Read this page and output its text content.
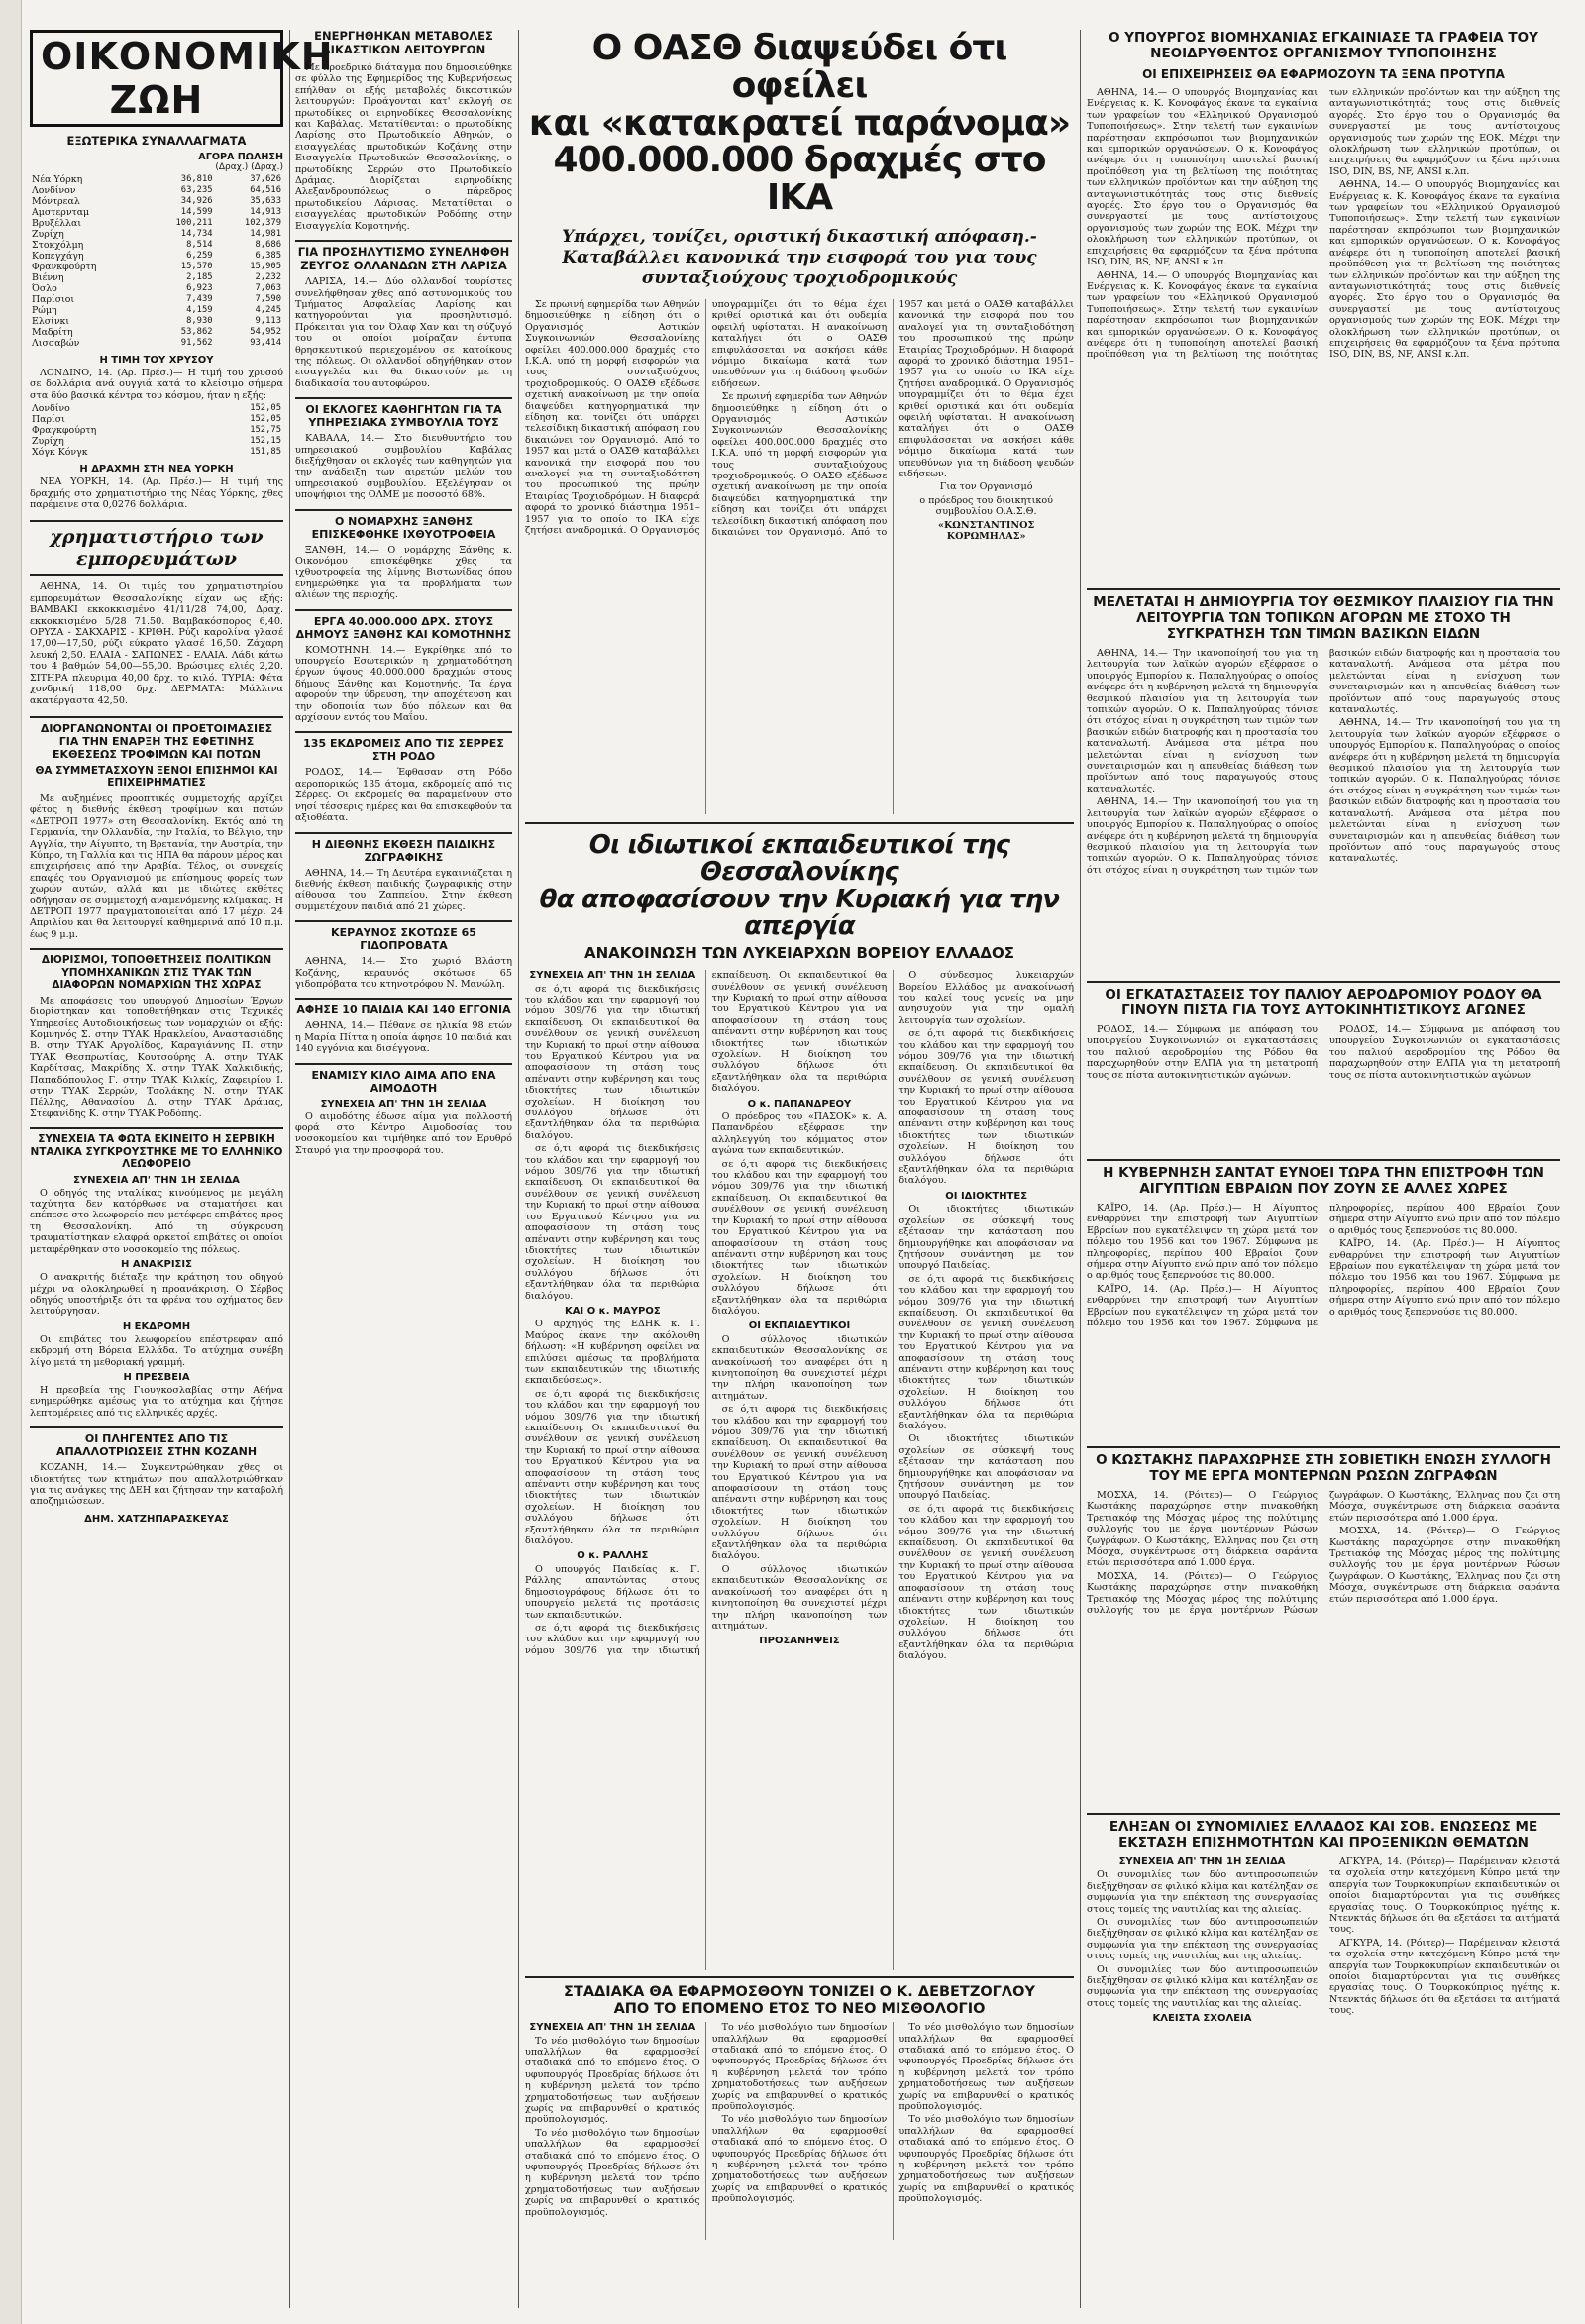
ΟΙΚΟΝΟΜΙΚΗ ΖΩΗ
ΕΞΩΤΕΡΙΚΑ ΣΥΝΑΛΛΑΓΜΑΤΑ
ΑΓΟΡΑ ΠΩΛΗΣΗ
(Δραχ.) (Δραχ.)
Νέα Υόρκη	36,810	37,626
Λονδίνον	63,235	64,516
Μόντρεαλ	34,926	35,633
Αμστερνταμ	14,599	14,913
Βρυξέλλαι	100,211	102,379
Ζυρίχη	14,734	14,981
Στοκχόλμη	8,514	8,686
Κοπεγχάγη	6,259	6,385
Φρανκφούρτη	15,570	15,905
Βιέννη	2,185	2,232
Όσλο	6,923	7,063
Παρίσιοι	7,439	7,590
Ρώμη	4,159	4,245
Ελσίνκι	8,930	9,113
Μαδρίτη	53,862	54,952
Λισσαβών	91,562	93,414
Η ΤΙΜΗ ΤΟΥ ΧΡΥΣΟΥ

ΛΟΝΔΙΝΟ, 14. (Αρ. Πρέσ.)— Η τιμή του χρυσού σε δολλάρια ανά ουγγιά κατά το κλείσιμο σήμερα στα δύο βασικά κέντρα του κόσμου, ήταν η εξής:

Λονδίνο	152,05
Παρίσι	152,05
Φραγκφούρτη	152,75
Ζυρίχη	152,15
Χόγκ Κόνγκ	151,85
Η ΔΡΑΧΜΗ ΣΤΗ ΝΕΑ ΥΟΡΚΗ

ΝΕΑ ΥΟΡΚΗ, 14. (Αρ. Πρέσ.)— Η τιμή της δραχμής στο χρηματιστήριο της Νέας Υόρκης, χθες παρέμεινε στα 0,0276 δολλάρια.

χρηματιστήριο των εμπορευμάτων

ΑΘΗΝΑ, 14. Οι τιμές του χρηματιστηρίου εμπορευμάτων Θεσσαλονίκης είχαν ως εξής: ΒΑΜΒΑΚΙ εκκοκκισμένο 41/11/28 74,00, Δραχ. εκκοκκισμένο 5/28 71.50. Βαμβακόσπορος 6,40. ΟΡΥΖΑ - ΣΑΚΧΑΡΙΣ - ΚΡΙΘΗ. Ρύζι καρολίνα γλασέ 17,00—17,50, ρύζι εύκρατο γλασέ 16,50. Ζάχαρη λευκή 2,50. ΕΛΑΙΑ - ΣΑΠΩΝΕΣ - ΕΛΑΙΑ. Λάδι κάτω του 4 βαθμών 54,00—55,00. Βρώσιμες ελιές 2,20. ΣΙΤΗΡΑ πλευριμα 40,00 δρχ. το κιλό. ΤΥΡΙΑ: Φέτα χονδρική 118,00 δρχ. ΔΕΡΜΑΤΑ: Μάλλινα ακατέργαστα 42,50.

ΔΙΟΡΓΑΝΩΝΟΝΤΑΙ ΟΙ ΠΡΟΕΤΟΙΜΑΣΙΕΣ ΓΙΑ ΤΗΝ ΕΝΑΡΞΗ ΤΗΣ ΕΦΕΤΙΝΗΣ ΕΚΘΕΣΕΩΣ ΤΡΟΦΙΜΩΝ ΚΑΙ ΠΟΤΩΝ
ΘΑ ΣΥΜΜΕΤΑΣΧΟΥΝ ΞΕΝΟΙ ΕΠΙΣΗΜΟΙ ΚΑΙ ΕΠΙΧΕΙΡΗΜΑΤΙΕΣ

Με αυξημένες προοπτικές συμμετοχής αρχίζει φέτος η διεθνής έκθεση τροφίμων και ποτών «ΔΕΤΡΟΠ 1977» στη Θεσσαλονίκη. Εκτός από τη Γερμανία, την Ολλανδία, την Ιταλία, το Βέλγιο, την Αγγλία, την Αίγυπτο, τη Βρετανία, την Αυστρία, την Κύπρο, τη Γαλλία και τις ΗΠΑ θα πάρουν μέρος και επιχειρήσεις από την Αραβία. Τέλος, οι συνεχείς επαφές του Οργανισμού με επίσημους φορείς των χωρών αυτών, αλλά και με ιδιώτες εκθέτες οδήγησαν σε συμμετοχή αναμενόμενης κλίμακας. Η ΔΕΤΡΟΠ 1977 πραγματοποιείται από 17 μέχρι 24 Απριλίου και θα λειτουργεί καθημερινά από 10 π.μ. έως 9 μ.μ.

ΔΙΟΡΙΣΜΟΙ, ΤΟΠΟΘΕΤΗΣΕΙΣ ΠΟΛΙΤΙΚΩΝ ΥΠΟΜΗΧΑΝΙΚΩΝ ΣΤΙΣ ΤΥΑΚ ΤΩΝ ΔΙΑΦΟΡΩΝ ΝΟΜΑΡΧΙΩΝ ΤΗΣ ΧΩΡΑΣ

Με αποφάσεις του υπουργού Δημοσίων Έργων διορίστηκαν και τοποθετήθηκαν στις Τεχνικές Υπηρεσίες Αυτοδιοικήσεως των νομαρχιών οι εξής: Κομνηνός Σ. στην ΤΥΑΚ Ηρακλείου, Αναστασιάδης Β. στην ΤΥΑΚ Αργολίδος, Καραγιάννης Π. στην ΤΥΑΚ Θεσπρωτίας, Κουτσούρης Α. στην ΤΥΑΚ Καρδίτσας, Μακρίδης Χ. στην ΤΥΑΚ Χαλκιδικής, Παπαδόπουλος Γ. στην ΤΥΑΚ Κιλκίς, Ζαφειρίου Ι. στην ΤΥΑΚ Σερρών, Τσολάκης Ν. στην ΤΥΑΚ Πέλλης, Αθανασίου Δ. στην ΤΥΑΚ Δράμας, Στεφανίδης Κ. στην ΤΥΑΚ Ροδόπης.

ΣΥΝΕΧΕΙΑ ΤΑ ΦΩΤΑ ΕΚΙΝΕΙΤΟ Η ΣΕΡΒΙΚΗ ΝΤΑΛΙΚΑ ΣΥΓΚΡΟΥΣΤΗΚΕ ΜΕ ΤΟ ΕΛΛΗΝΙΚΟ ΛΕΩΦΟΡΕΙΟ
ΣΥΝΕΧΕΙΑ ΑΠ' ΤΗΝ 1Η ΣΕΛΙΔΑ

Ο οδηγός της νταλίκας κινούμενος με μεγάλη ταχύτητα δεν κατόρθωσε να σταματήσει και επέπεσε στο λεωφορείο που μετέφερε επιβάτες προς τη Θεσσαλονίκη. Από τη σύγκρουση τραυματίστηκαν ελαφρά αρκετοί επιβάτες οι οποίοι μεταφέρθηκαν στο νοσοκομείο της πόλεως.

Η ΑΝΑΚΡΙΣΙΣ

Ο ανακριτής διέταξε την κράτηση του οδηγού μέχρι να ολοκληρωθεί η προανάκριση. Ο Σέρβος οδηγός υποστήριξε ότι τα φρένα του οχήματος δεν λειτούργησαν.

Η ΕΚΔΡΟΜΗ

Οι επιβάτες του λεωφορείου επέστρεφαν από εκδρομή στη Βόρεια Ελλάδα. Το ατύχημα συνέβη λίγο μετά τη μεθοριακή γραμμή.

Η ΠΡΕΣΒΕΙΑ

Η πρεσβεία της Γιουγκοσλαβίας στην Αθήνα ενημερώθηκε αμέσως για το ατύχημα και ζήτησε λεπτομέρειες από τις ελληνικές αρχές.

ΟΙ ΠΛΗΓΕΝΤΕΣ ΑΠΟ ΤΙΣ ΑΠΑΛΛΟΤΡΙΩΣΕΙΣ ΣΤΗΝ ΚΟΖΑΝΗ

ΚΟΖΑΝΗ, 14.— Συγκεντρώθηκαν χθες οι ιδιοκτήτες των κτημάτων που απαλλοτριώθηκαν για τις ανάγκες της ΔΕΗ και ζήτησαν την καταβολή αποζημιώσεων.

ΔΗΜ. ΧΑΤΖΗΠΑΡΑΣΚΕΥΑΣ
ΕΝΕΡΓΗΘΗΚΑΝ ΜΕΤΑΒΟΛΕΣ ΔΙΚΑΣΤΙΚΩΝ ΛΕΙΤΟΥΡΓΩΝ

Με προεδρικό διάταγμα που δημοσιεύθηκε σε φύλλο της Εφημερίδος της Κυβερνήσεως επήλθαν οι εξής μεταβολές δικαστικών λειτουργών: Προάγονται κατ' εκλογή σε πρωτοδίκες οι ειρηνοδίκες Θεσσαλονίκης και Καβάλας. Μετατίθενται: ο πρωτοδίκης Λαρίσης στο Πρωτοδικείο Αθηνών, ο εισαγγελέας πρωτοδικών Κοζάνης στην Εισαγγελία Πρωτοδικών Θεσσαλονίκης, ο πρωτοδίκης Σερρών στο Πρωτοδικείο Δράμας. Διορίζεται ειρηνοδίκης Αλεξανδρουπόλεως ο πάρεδρος πρωτοδικείου Λάρισας. Μετατίθεται ο εισαγγελέας πρωτοδικών Ροδόπης στην Εισαγγελία Κομοτηνής.

ΓΙΑ ΠΡΟΣΗΛΥΤΙΣΜΟ ΣΥΝΕΛΗΦΘΗ ΖΕΥΓΟΣ ΟΛΛΑΝΔΩΝ ΣΤΗ ΛΑΡΙΣΑ

ΛΑΡΙΣΑ, 14.— Δύο ολλανδοί τουρίστες συνελήφθησαν χθες από αστυνομικούς του Τμήματος Ασφαλείας Λαρίσης και κατηγορούνται για προσηλυτισμό. Πρόκειται για τον Όλαφ Χαν και τη σύζυγό του οι οποίοι μοίραζαν έντυπα θρησκευτικού περιεχομένου σε κατοίκους της πόλεως. Οι ολλανδοί οδηγήθηκαν στον εισαγγελέα και θα δικαστούν με τη διαδικασία του αυτοφώρου.

ΟΙ ΕΚΛΟΓΕΣ ΚΑΘΗΓΗΤΩΝ ΓΙΑ ΤΑ ΥΠΗΡΕΣΙΑΚΑ ΣΥΜΒΟΥΛΙΑ ΤΟΥΣ

ΚΑΒΑΛΑ, 14.— Στο διευθυντήριο του υπηρεσιακού συμβουλίου Καβάλας διεξήχθησαν οι εκλογές των καθηγητών για την ανάδειξη των αιρετών μελών του υπηρεσιακού συμβουλίου. Εξελέγησαν οι υποψήφιοι της ΟΛΜΕ με ποσοστό 68%.

Ο ΝΟΜΑΡΧΗΣ ΞΑΝΘΗΣ ΕΠΙΣΚΕΦΘΗΚΕ ΙΧΘΥΟΤΡΟΦΕΙΑ

ΞΑΝΘΗ, 14.— Ο νομάρχης Ξάνθης κ. Οικονόμου επισκέφθηκε χθες τα ιχθυοτροφεία της λίμνης Βιστωνίδας όπου ενημερώθηκε για τα προβλήματα των αλιέων της περιοχής.

ΕΡΓΑ 40.000.000 ΔΡΧ. ΣΤΟΥΣ ΔΗΜΟΥΣ ΞΑΝΘΗΣ ΚΑΙ ΚΟΜΟΤΗΝΗΣ

ΚΟΜΟΤΗΝΗ, 14.— Εγκρίθηκε από το υπουργείο Εσωτερικών η χρηματοδότηση έργων ύψους 40.000.000 δραχμών στους δήμους Ξάνθης και Κομοτηνής. Τα έργα αφορούν την ύδρευση, την αποχέτευση και την οδοποιία των δύο πόλεων και θα αρχίσουν εντός του Μαΐου.

135 ΕΚΔΡΟΜΕΙΣ ΑΠΟ ΤΙΣ ΣΕΡΡΕΣ ΣΤΗ ΡΟΔΟ

ΡΟΔΟΣ, 14.— Έφθασαν στη Ρόδο αεροπορικώς 135 άτομα, εκδρομείς από τις Σέρρες. Οι εκδρομείς θα παραμείνουν στο νησί τέσσερις ημέρες και θα επισκεφθούν τα αξιοθέατα.

Η ΔΙΕΘΝΗΣ ΕΚΘΕΣΗ ΠΑΙΔΙΚΗΣ ΖΩΓΡΑΦΙΚΗΣ

ΑΘΗΝΑ, 14.— Τη Δευτέρα εγκαινιάζεται η διεθνής έκθεση παιδικής ζωγραφικής στην αίθουσα του Ζαππείου. Στην έκθεση συμμετέχουν παιδιά από 21 χώρες.

ΚΕΡΑΥΝΟΣ ΣΚΟΤΩΣΕ 65 ΓΙΔΟΠΡΟΒΑΤΑ

ΑΘΗΝΑ, 14.— Στο χωριό Βλάστη Κοζάνης, κεραυνός σκότωσε 65 γιδοπρόβατα του κτηνοτρόφου Ν. Μανώλη.

ΑΦΗΣΕ 10 ΠΑΙΔΙΑ ΚΑΙ 140 ΕΓΓΟΝΙΑ

ΑΘΗΝΑ, 14.— Πέθανε σε ηλικία 98 ετών η Μαρία Πίττα η οποία άφησε 10 παιδιά και 140 εγγόνια και δισέγγονα.

ΕΝΑΜΙΣΥ ΚΙΛΟ ΑΙΜΑ ΑΠΟ ΕΝΑ ΑΙΜΟΔΟΤΗ
ΣΥΝΕΧΕΙΑ ΑΠ' ΤΗΝ 1Η ΣΕΛΙΔΑ

Ο αιμοδότης έδωσε αίμα για πολλοστή φορά στο Κέντρο Αιμοδοσίας του νοσοκομείου και τιμήθηκε από τον Ερυθρό Σταυρό για την προσφορά του.

Ο ΟΑΣΘ διαψεύδει ότι οφείλει
και «κατακρατεί παράνομα»
400.000.000 δραχμές στο ΙΚΑ
Υπάρχει, τονίζει, οριστική δικαστική απόφαση.- Καταβάλλει κανονικά την εισφορά του για τους συνταξιούχους τροχιοδρομικούς

Σε πρωινή εφημερίδα των Αθηνών δημοσιεύθηκε η είδηση ότι ο Οργανισμός Αστικών Συγκοινωνιών Θεσσαλονίκης οφείλει 400.000.000 δραχμές στο Ι.Κ.Α. υπό τη μορφή εισφορών για τους συνταξιούχους τροχιοδρομικούς. Ο ΟΑΣΘ εξέδωσε σχετική ανακοίνωση με την οποία διαψεύδει κατηγορηματικά την είδηση και τονίζει ότι υπάρχει τελεσίδικη δικαστική απόφαση που δικαιώνει τον Οργανισμό. Από το 1957 και μετά ο ΟΑΣΘ καταβάλλει κανονικά την εισφορά που του αναλογεί για τη συνταξιοδότηση του προσωπικού της πρώην Εταιρίας Τροχιοδρόμων. Η διαφορά αφορά το χρονικό διάστημα 1951–1957 για το οποίο το ΙΚΑ είχε ζητήσει αναδρομικά. Ο Οργανισμός υπογραμμίζει ότι το θέμα έχει κριθεί οριστικά και ότι ουδεμία οφειλή υφίσταται. Η ανακοίνωση καταλήγει ότι ο ΟΑΣΘ επιφυλάσσεται να ασκήσει κάθε νόμιμο δικαίωμα κατά των υπευθύνων για τη διάδοση ψευδών ειδήσεων.

Σε πρωινή εφημερίδα των Αθηνών δημοσιεύθηκε η είδηση ότι ο Οργανισμός Αστικών Συγκοινωνιών Θεσσαλονίκης οφείλει 400.000.000 δραχμές στο Ι.Κ.Α. υπό τη μορφή εισφορών για τους συνταξιούχους τροχιοδρομικούς. Ο ΟΑΣΘ εξέδωσε σχετική ανακοίνωση με την οποία διαψεύδει κατηγορηματικά την είδηση και τονίζει ότι υπάρχει τελεσίδικη δικαστική απόφαση που δικαιώνει τον Οργανισμό. Από το 1957 και μετά ο ΟΑΣΘ καταβάλλει κανονικά την εισφορά που του αναλογεί για τη συνταξιοδότηση του προσωπικού της πρώην Εταιρίας Τροχιοδρόμων. Η διαφορά αφορά το χρονικό διάστημα 1951–1957 για το οποίο το ΙΚΑ είχε ζητήσει αναδρομικά. Ο Οργανισμός υπογραμμίζει ότι το θέμα έχει κριθεί οριστικά και ότι ουδεμία οφειλή υφίσταται. Η ανακοίνωση καταλήγει ότι ο ΟΑΣΘ επιφυλάσσεται να ασκήσει κάθε νόμιμο δικαίωμα κατά των υπευθύνων για τη διάδοση ψευδών ειδήσεων.

Για τον Οργανισμό

ο πρόεδρος του διοικητικού συμβουλίου Ο.Α.Σ.Θ.

«ΚΩΝΣΤΑΝΤΙΝΟΣ ΚΟΡΩΜΗΛΑΣ»

Οι ιδιωτικοί εκπαιδευτικοί της Θεσσαλονίκης
θα αποφασίσουν την Κυριακή για την απεργία
ΑΝΑΚΟΙΝΩΣΗ ΤΩΝ ΛΥΚΕΙΑΡΧΩΝ ΒΟΡΕΙΟΥ ΕΛΛΑΔΟΣ
ΣΥΝΕΧΕΙΑ ΑΠ' ΤΗΝ 1Η ΣΕΛΙΔΑ

σε ό,τι αφορά τις διεκδικήσεις του κλάδου και την εφαρμογή του νόμου 309/76 για την ιδιωτική εκπαίδευση. Οι εκπαιδευτικοί θα συνέλθουν σε γενική συνέλευση την Κυριακή το πρωί στην αίθουσα του Εργατικού Κέντρου για να αποφασίσουν τη στάση τους απέναντι στην κυβέρνηση και τους ιδιοκτήτες των ιδιωτικών σχολείων. Η διοίκηση του συλλόγου δήλωσε ότι εξαντλήθηκαν όλα τα περιθώρια διαλόγου.

σε ό,τι αφορά τις διεκδικήσεις του κλάδου και την εφαρμογή του νόμου 309/76 για την ιδιωτική εκπαίδευση. Οι εκπαιδευτικοί θα συνέλθουν σε γενική συνέλευση την Κυριακή το πρωί στην αίθουσα του Εργατικού Κέντρου για να αποφασίσουν τη στάση τους απέναντι στην κυβέρνηση και τους ιδιοκτήτες των ιδιωτικών σχολείων. Η διοίκηση του συλλόγου δήλωσε ότι εξαντλήθηκαν όλα τα περιθώρια διαλόγου.

ΚΑΙ Ο κ. ΜΑΥΡΟΣ

Ο αρχηγός της ΕΔΗΚ κ. Γ. Μαύρος έκανε την ακόλουθη δήλωση: «Η κυβέρνηση οφείλει να επιλύσει αμέσως τα προβλήματα των εκπαιδευτικών της ιδιωτικής εκπαιδεύσεως».

σε ό,τι αφορά τις διεκδικήσεις του κλάδου και την εφαρμογή του νόμου 309/76 για την ιδιωτική εκπαίδευση. Οι εκπαιδευτικοί θα συνέλθουν σε γενική συνέλευση την Κυριακή το πρωί στην αίθουσα του Εργατικού Κέντρου για να αποφασίσουν τη στάση τους απέναντι στην κυβέρνηση και τους ιδιοκτήτες των ιδιωτικών σχολείων. Η διοίκηση του συλλόγου δήλωσε ότι εξαντλήθηκαν όλα τα περιθώρια διαλόγου.

Ο κ. ΡΑΛΛΗΣ

Ο υπουργός Παιδείας κ. Γ. Ράλλης απαντώντας στους δημοσιογράφους δήλωσε ότι το υπουργείο μελετά τις προτάσεις των εκπαιδευτικών.

σε ό,τι αφορά τις διεκδικήσεις του κλάδου και την εφαρμογή του νόμου 309/76 για την ιδιωτική εκπαίδευση. Οι εκπαιδευτικοί θα συνέλθουν σε γενική συνέλευση την Κυριακή το πρωί στην αίθουσα του Εργατικού Κέντρου για να αποφασίσουν τη στάση τους απέναντι στην κυβέρνηση και τους ιδιοκτήτες των ιδιωτικών σχολείων. Η διοίκηση του συλλόγου δήλωσε ότι εξαντλήθηκαν όλα τα περιθώρια διαλόγου.

Ο κ. ΠΑΠΑΝΔΡΕΟΥ

Ο πρόεδρος του «ΠΑΣΟΚ» κ. Α. Παπανδρέου εξέφρασε την αλληλεγγύη του κόμματος στον αγώνα των εκπαιδευτικών.

σε ό,τι αφορά τις διεκδικήσεις του κλάδου και την εφαρμογή του νόμου 309/76 για την ιδιωτική εκπαίδευση. Οι εκπαιδευτικοί θα συνέλθουν σε γενική συνέλευση την Κυριακή το πρωί στην αίθουσα του Εργατικού Κέντρου για να αποφασίσουν τη στάση τους απέναντι στην κυβέρνηση και τους ιδιοκτήτες των ιδιωτικών σχολείων. Η διοίκηση του συλλόγου δήλωσε ότι εξαντλήθηκαν όλα τα περιθώρια διαλόγου.

ΟΙ ΕΚΠΑΙΔΕΥΤΙΚΟΙ

Ο σύλλογος ιδιωτικών εκπαιδευτικών Θεσσαλονίκης σε ανακοίνωσή του αναφέρει ότι η κινητοποίηση θα συνεχιστεί μέχρι την πλήρη ικανοποίηση των αιτημάτων.

σε ό,τι αφορά τις διεκδικήσεις του κλάδου και την εφαρμογή του νόμου 309/76 για την ιδιωτική εκπαίδευση. Οι εκπαιδευτικοί θα συνέλθουν σε γενική συνέλευση την Κυριακή το πρωί στην αίθουσα του Εργατικού Κέντρου για να αποφασίσουν τη στάση τους απέναντι στην κυβέρνηση και τους ιδιοκτήτες των ιδιωτικών σχολείων. Η διοίκηση του συλλόγου δήλωσε ότι εξαντλήθηκαν όλα τα περιθώρια διαλόγου.

Ο σύλλογος ιδιωτικών εκπαιδευτικών Θεσσαλονίκης σε ανακοίνωσή του αναφέρει ότι η κινητοποίηση θα συνεχιστεί μέχρι την πλήρη ικανοποίηση των αιτημάτων.

ΠΡΟΣΑΝΗΨΕΙΣ

Ο σύνδεσμος λυκειαρχών Βορείου Ελλάδος με ανακοίνωσή του καλεί τους γονείς να μην ανησυχούν για την ομαλή λειτουργία των σχολείων.

σε ό,τι αφορά τις διεκδικήσεις του κλάδου και την εφαρμογή του νόμου 309/76 για την ιδιωτική εκπαίδευση. Οι εκπαιδευτικοί θα συνέλθουν σε γενική συνέλευση την Κυριακή το πρωί στην αίθουσα του Εργατικού Κέντρου για να αποφασίσουν τη στάση τους απέναντι στην κυβέρνηση και τους ιδιοκτήτες των ιδιωτικών σχολείων. Η διοίκηση του συλλόγου δήλωσε ότι εξαντλήθηκαν όλα τα περιθώρια διαλόγου.

ΟΙ ΙΔΙΟΚΤΗΤΕΣ

Οι ιδιοκτήτες ιδιωτικών σχολείων σε σύσκεψή τους εξέτασαν την κατάσταση που δημιουργήθηκε και αποφάσισαν να ζητήσουν συνάντηση με τον υπουργό Παιδείας.

σε ό,τι αφορά τις διεκδικήσεις του κλάδου και την εφαρμογή του νόμου 309/76 για την ιδιωτική εκπαίδευση. Οι εκπαιδευτικοί θα συνέλθουν σε γενική συνέλευση την Κυριακή το πρωί στην αίθουσα του Εργατικού Κέντρου για να αποφασίσουν τη στάση τους απέναντι στην κυβέρνηση και τους ιδιοκτήτες των ιδιωτικών σχολείων. Η διοίκηση του συλλόγου δήλωσε ότι εξαντλήθηκαν όλα τα περιθώρια διαλόγου.

Οι ιδιοκτήτες ιδιωτικών σχολείων σε σύσκεψή τους εξέτασαν την κατάσταση που δημιουργήθηκε και αποφάσισαν να ζητήσουν συνάντηση με τον υπουργό Παιδείας.

σε ό,τι αφορά τις διεκδικήσεις του κλάδου και την εφαρμογή του νόμου 309/76 για την ιδιωτική εκπαίδευση. Οι εκπαιδευτικοί θα συνέλθουν σε γενική συνέλευση την Κυριακή το πρωί στην αίθουσα του Εργατικού Κέντρου για να αποφασίσουν τη στάση τους απέναντι στην κυβέρνηση και τους ιδιοκτήτες των ιδιωτικών σχολείων. Η διοίκηση του συλλόγου δήλωσε ότι εξαντλήθηκαν όλα τα περιθώρια διαλόγου.

ΣΤΑΔΙΑΚΑ ΘΑ ΕΦΑΡΜΟΣΘΟΥΝ ΤΟΝΙΖΕΙ Ο Κ. ΔΕΒΕΤΖΟΓΛΟΥ
ΑΠΟ ΤΟ ΕΠΟΜΕΝΟ ΕΤΟΣ ΤΟ ΝΕΟ ΜΙΣΘΟΛΟΓΙΟ
ΣΥΝΕΧΕΙΑ ΑΠ' ΤΗΝ 1Η ΣΕΛΙΔΑ

Το νέο μισθολόγιο των δημοσίων υπαλλήλων θα εφαρμοσθεί σταδιακά από το επόμενο έτος. Ο υφυπουργός Προεδρίας δήλωσε ότι η κυβέρνηση μελετά τον τρόπο χρηματοδοτήσεως των αυξήσεων χωρίς να επιβαρυνθεί ο κρατικός προϋπολογισμός.

Το νέο μισθολόγιο των δημοσίων υπαλλήλων θα εφαρμοσθεί σταδιακά από το επόμενο έτος. Ο υφυπουργός Προεδρίας δήλωσε ότι η κυβέρνηση μελετά τον τρόπο χρηματοδοτήσεως των αυξήσεων χωρίς να επιβαρυνθεί ο κρατικός προϋπολογισμός.

Το νέο μισθολόγιο των δημοσίων υπαλλήλων θα εφαρμοσθεί σταδιακά από το επόμενο έτος. Ο υφυπουργός Προεδρίας δήλωσε ότι η κυβέρνηση μελετά τον τρόπο χρηματοδοτήσεως των αυξήσεων χωρίς να επιβαρυνθεί ο κρατικός προϋπολογισμός.

Το νέο μισθολόγιο των δημοσίων υπαλλήλων θα εφαρμοσθεί σταδιακά από το επόμενο έτος. Ο υφυπουργός Προεδρίας δήλωσε ότι η κυβέρνηση μελετά τον τρόπο χρηματοδοτήσεως των αυξήσεων χωρίς να επιβαρυνθεί ο κρατικός προϋπολογισμός.

Το νέο μισθολόγιο των δημοσίων υπαλλήλων θα εφαρμοσθεί σταδιακά από το επόμενο έτος. Ο υφυπουργός Προεδρίας δήλωσε ότι η κυβέρνηση μελετά τον τρόπο χρηματοδοτήσεως των αυξήσεων χωρίς να επιβαρυνθεί ο κρατικός προϋπολογισμός.

Το νέο μισθολόγιο των δημοσίων υπαλλήλων θα εφαρμοσθεί σταδιακά από το επόμενο έτος. Ο υφυπουργός Προεδρίας δήλωσε ότι η κυβέρνηση μελετά τον τρόπο χρηματοδοτήσεως των αυξήσεων χωρίς να επιβαρυνθεί ο κρατικός προϋπολογισμός.

Ο ΥΠΟΥΡΓΟΣ ΒΙΟΜΗΧΑΝΙΑΣ ΕΓΚΑΙΝΙΑΣΕ ΤΑ ΓΡΑΦΕΙΑ ΤΟΥ ΝΕΟΙΔΡΥΘΕΝΤΟΣ ΟΡΓΑΝΙΣΜΟΥ ΤΥΠΟΠΟΙΗΣΗΣ
ΟΙ ΕΠΙΧΕΙΡΗΣΕΙΣ ΘΑ ΕΦΑΡΜΟΖΟΥΝ ΤΑ ΞΕΝΑ ΠΡΟΤΥΠΑ

ΑΘΗΝΑ, 14.— Ο υπουργός Βιομηχανίας και Ενέργειας κ. Κ. Κονοφάγος έκανε τα εγκαίνια των γραφείων του «Ελληνικού Οργανισμού Τυποποιήσεως». Στην τελετή των εγκαινίων παρέστησαν εκπρόσωποι των βιομηχανικών και εμπορικών οργανώσεων. Ο κ. Κονοφάγος ανέφερε ότι η τυποποίηση αποτελεί βασική προϋπόθεση για τη βελτίωση της ποιότητας των ελληνικών προϊόντων και την αύξηση της ανταγωνιστικότητάς τους στις διεθνείς αγορές. Στο έργο του ο Οργανισμός θα συνεργαστεί με τους αντίστοιχους οργανισμούς των χωρών της ΕΟΚ. Μέχρι την ολοκλήρωση των ελληνικών προτύπων, οι επιχειρήσεις θα εφαρμόζουν τα ξένα πρότυπα ISO, DIN, BS, NF, ANSI κ.λπ.

ΑΘΗΝΑ, 14.— Ο υπουργός Βιομηχανίας και Ενέργειας κ. Κ. Κονοφάγος έκανε τα εγκαίνια των γραφείων του «Ελληνικού Οργανισμού Τυποποιήσεως». Στην τελετή των εγκαινίων παρέστησαν εκπρόσωποι των βιομηχανικών και εμπορικών οργανώσεων. Ο κ. Κονοφάγος ανέφερε ότι η τυποποίηση αποτελεί βασική προϋπόθεση για τη βελτίωση της ποιότητας των ελληνικών προϊόντων και την αύξηση της ανταγωνιστικότητάς τους στις διεθνείς αγορές. Στο έργο του ο Οργανισμός θα συνεργαστεί με τους αντίστοιχους οργανισμούς των χωρών της ΕΟΚ. Μέχρι την ολοκλήρωση των ελληνικών προτύπων, οι επιχειρήσεις θα εφαρμόζουν τα ξένα πρότυπα ISO, DIN, BS, NF, ANSI κ.λπ.

ΑΘΗΝΑ, 14.— Ο υπουργός Βιομηχανίας και Ενέργειας κ. Κ. Κονοφάγος έκανε τα εγκαίνια των γραφείων του «Ελληνικού Οργανισμού Τυποποιήσεως». Στην τελετή των εγκαινίων παρέστησαν εκπρόσωποι των βιομηχανικών και εμπορικών οργανώσεων. Ο κ. Κονοφάγος ανέφερε ότι η τυποποίηση αποτελεί βασική προϋπόθεση για τη βελτίωση της ποιότητας των ελληνικών προϊόντων και την αύξηση της ανταγωνιστικότητάς τους στις διεθνείς αγορές. Στο έργο του ο Οργανισμός θα συνεργαστεί με τους αντίστοιχους οργανισμούς των χωρών της ΕΟΚ. Μέχρι την ολοκλήρωση των ελληνικών προτύπων, οι επιχειρήσεις θα εφαρμόζουν τα ξένα πρότυπα ISO, DIN, BS, NF, ANSI κ.λπ.

ΜΕΛΕΤΑΤΑΙ Η ΔΗΜΙΟΥΡΓΙΑ ΤΟΥ ΘΕΣΜΙΚΟΥ ΠΛΑΙΣΙΟΥ ΓΙΑ ΤΗΝ ΛΕΙΤΟΥΡΓΙΑ ΤΩΝ ΤΟΠΙΚΩΝ ΑΓΟΡΩΝ ΜΕ ΣΤΟΧΟ ΤΗ ΣΥΓΚΡΑΤΗΣΗ ΤΩΝ ΤΙΜΩΝ ΒΑΣΙΚΩΝ ΕΙΔΩΝ

ΑΘΗΝΑ, 14.— Την ικανοποίησή του για τη λειτουργία των λαϊκών αγορών εξέφρασε ο υπουργός Εμπορίου κ. Παπαληγούρας ο οποίος ανέφερε ότι η κυβέρνηση μελετά τη δημιουργία θεσμικού πλαισίου για τη λειτουργία των τοπικών αγορών. Ο κ. Παπαληγούρας τόνισε ότι στόχος είναι η συγκράτηση των τιμών των βασικών ειδών διατροφής και η προστασία του καταναλωτή. Ανάμεσα στα μέτρα που μελετώνται είναι η ενίσχυση των συνεταιρισμών και η απευθείας διάθεση των προϊόντων από τους παραγωγούς στους καταναλωτές.

ΑΘΗΝΑ, 14.— Την ικανοποίησή του για τη λειτουργία των λαϊκών αγορών εξέφρασε ο υπουργός Εμπορίου κ. Παπαληγούρας ο οποίος ανέφερε ότι η κυβέρνηση μελετά τη δημιουργία θεσμικού πλαισίου για τη λειτουργία των τοπικών αγορών. Ο κ. Παπαληγούρας τόνισε ότι στόχος είναι η συγκράτηση των τιμών των βασικών ειδών διατροφής και η προστασία του καταναλωτή. Ανάμεσα στα μέτρα που μελετώνται είναι η ενίσχυση των συνεταιρισμών και η απευθείας διάθεση των προϊόντων από τους παραγωγούς στους καταναλωτές.

ΑΘΗΝΑ, 14.— Την ικανοποίησή του για τη λειτουργία των λαϊκών αγορών εξέφρασε ο υπουργός Εμπορίου κ. Παπαληγούρας ο οποίος ανέφερε ότι η κυβέρνηση μελετά τη δημιουργία θεσμικού πλαισίου για τη λειτουργία των τοπικών αγορών. Ο κ. Παπαληγούρας τόνισε ότι στόχος είναι η συγκράτηση των τιμών των βασικών ειδών διατροφής και η προστασία του καταναλωτή. Ανάμεσα στα μέτρα που μελετώνται είναι η ενίσχυση των συνεταιρισμών και η απευθείας διάθεση των προϊόντων από τους παραγωγούς στους καταναλωτές.

ΟΙ ΕΓΚΑΤΑΣΤΑΣΕΙΣ ΤΟΥ ΠΑΛΙΟΥ ΑΕΡΟΔΡΟΜΙΟΥ ΡΟΔΟΥ ΘΑ ΓΙΝΟΥΝ ΠΙΣΤΑ ΓΙΑ ΤΟΥΣ ΑΥΤΟΚΙΝΗΤΙΣΤΙΚΟΥΣ ΑΓΩΝΕΣ

ΡΟΔΟΣ, 14.— Σύμφωνα με απόφαση του υπουργείου Συγκοινωνιών οι εγκαταστάσεις του παλιού αεροδρομίου της Ρόδου θα παραχωρηθούν στην ΕΛΠΑ για τη μετατροπή τους σε πίστα αυτοκινητιστικών αγώνων.

ΡΟΔΟΣ, 14.— Σύμφωνα με απόφαση του υπουργείου Συγκοινωνιών οι εγκαταστάσεις του παλιού αεροδρομίου της Ρόδου θα παραχωρηθούν στην ΕΛΠΑ για τη μετατροπή τους σε πίστα αυτοκινητιστικών αγώνων.

Η ΚΥΒΕΡΝΗΣΗ ΣΑΝΤΑΤ ΕΥΝΟΕΙ ΤΩΡΑ ΤΗΝ ΕΠΙΣΤΡΟΦΗ ΤΩΝ ΑΙΓΥΠΤΙΩΝ ΕΒΡΑΙΩΝ ΠΟΥ ΖΟΥΝ ΣΕ ΑΛΛΕΣ ΧΩΡΕΣ

ΚΑΪΡΟ, 14. (Αρ. Πρέσ.)— Η Αίγυπτος ενθαρρύνει την επιστροφή των Αιγυπτίων Εβραίων που εγκατέλειψαν τη χώρα μετά τον πόλεμο του 1956 και του 1967. Σύμφωνα με πληροφορίες, περίπου 400 Εβραίοι ζουν σήμερα στην Αίγυπτο ενώ πριν από τον πόλεμο ο αριθμός τους ξεπερνούσε τις 80.000.

ΚΑΪΡΟ, 14. (Αρ. Πρέσ.)— Η Αίγυπτος ενθαρρύνει την επιστροφή των Αιγυπτίων Εβραίων που εγκατέλειψαν τη χώρα μετά τον πόλεμο του 1956 και του 1967. Σύμφωνα με πληροφορίες, περίπου 400 Εβραίοι ζουν σήμερα στην Αίγυπτο ενώ πριν από τον πόλεμο ο αριθμός τους ξεπερνούσε τις 80.000.

ΚΑΪΡΟ, 14. (Αρ. Πρέσ.)— Η Αίγυπτος ενθαρρύνει την επιστροφή των Αιγυπτίων Εβραίων που εγκατέλειψαν τη χώρα μετά τον πόλεμο του 1956 και του 1967. Σύμφωνα με πληροφορίες, περίπου 400 Εβραίοι ζουν σήμερα στην Αίγυπτο ενώ πριν από τον πόλεμο ο αριθμός τους ξεπερνούσε τις 80.000.

Ο ΚΩΣΤΑΚΗΣ ΠΑΡΑΧΩΡΗΣΕ ΣΤΗ ΣΟΒΙΕΤΙΚΗ ΕΝΩΣΗ ΣΥΛΛΟΓΗ ΤΟΥ ΜΕ ΕΡΓΑ ΜΟΝΤΕΡΝΩΝ ΡΩΣΩΝ ΖΩΓΡΑΦΩΝ

ΜΟΣΧΑ, 14. (Ρόιτερ)— Ο Γεώργιος Κωστάκης παραχώρησε στην πινακοθήκη Τρετιακόφ της Μόσχας μέρος της πολύτιμης συλλογής του με έργα μοντέρνων Ρώσων ζωγράφων. Ο Κωστάκης, Έλληνας που ζει στη Μόσχα, συγκέντρωσε στη διάρκεια σαράντα ετών περισσότερα από 1.000 έργα.

ΜΟΣΧΑ, 14. (Ρόιτερ)— Ο Γεώργιος Κωστάκης παραχώρησε στην πινακοθήκη Τρετιακόφ της Μόσχας μέρος της πολύτιμης συλλογής του με έργα μοντέρνων Ρώσων ζωγράφων. Ο Κωστάκης, Έλληνας που ζει στη Μόσχα, συγκέντρωσε στη διάρκεια σαράντα ετών περισσότερα από 1.000 έργα.

ΜΟΣΧΑ, 14. (Ρόιτερ)— Ο Γεώργιος Κωστάκης παραχώρησε στην πινακοθήκη Τρετιακόφ της Μόσχας μέρος της πολύτιμης συλλογής του με έργα μοντέρνων Ρώσων ζωγράφων. Ο Κωστάκης, Έλληνας που ζει στη Μόσχα, συγκέντρωσε στη διάρκεια σαράντα ετών περισσότερα από 1.000 έργα.

ΕΛΗΞΑΝ ΟΙ ΣΥΝΟΜΙΛΙΕΣ ΕΛΛΑΔΟΣ ΚΑΙ ΣΟΒ. ΕΝΩΣΕΩΣ ΜΕ ΕΚΣΤΑΣΗ ΕΠΙΣΗΜΟΤΗΤΩΝ ΚΑΙ ΠΡΟΞΕΝΙΚΩΝ ΘΕΜΑΤΩΝ
ΣΥΝΕΧΕΙΑ ΑΠ' ΤΗΝ 1Η ΣΕΛΙΔΑ

Οι συνομιλίες των δύο αντιπροσωπειών διεξήχθησαν σε φιλικό κλίμα και κατέληξαν σε συμφωνία για την επέκταση της συνεργασίας στους τομείς της ναυτιλίας και της αλιείας.

Οι συνομιλίες των δύο αντιπροσωπειών διεξήχθησαν σε φιλικό κλίμα και κατέληξαν σε συμφωνία για την επέκταση της συνεργασίας στους τομείς της ναυτιλίας και της αλιείας.

Οι συνομιλίες των δύο αντιπροσωπειών διεξήχθησαν σε φιλικό κλίμα και κατέληξαν σε συμφωνία για την επέκταση της συνεργασίας στους τομείς της ναυτιλίας και της αλιείας.

ΚΛΕΙΣΤΑ ΣΧΟΛΕΙΑ

ΑΓΚΥΡΑ, 14. (Ρόιτερ)— Παρέμειναν κλειστά τα σχολεία στην κατεχόμενη Κύπρο μετά την απεργία των Τουρκοκυπρίων εκπαιδευτικών οι οποίοι διαμαρτύρονται για τις συνθήκες εργασίας τους. Ο Τουρκοκύπριος ηγέτης κ. Ντενκτάς δήλωσε ότι θα εξετάσει τα αιτήματά τους.

ΑΓΚΥΡΑ, 14. (Ρόιτερ)— Παρέμειναν κλειστά τα σχολεία στην κατεχόμενη Κύπρο μετά την απεργία των Τουρκοκυπρίων εκπαιδευτικών οι οποίοι διαμαρτύρονται για τις συνθήκες εργασίας τους. Ο Τουρκοκύπριος ηγέτης κ. Ντενκτάς δήλωσε ότι θα εξετάσει τα αιτήματά τους.
